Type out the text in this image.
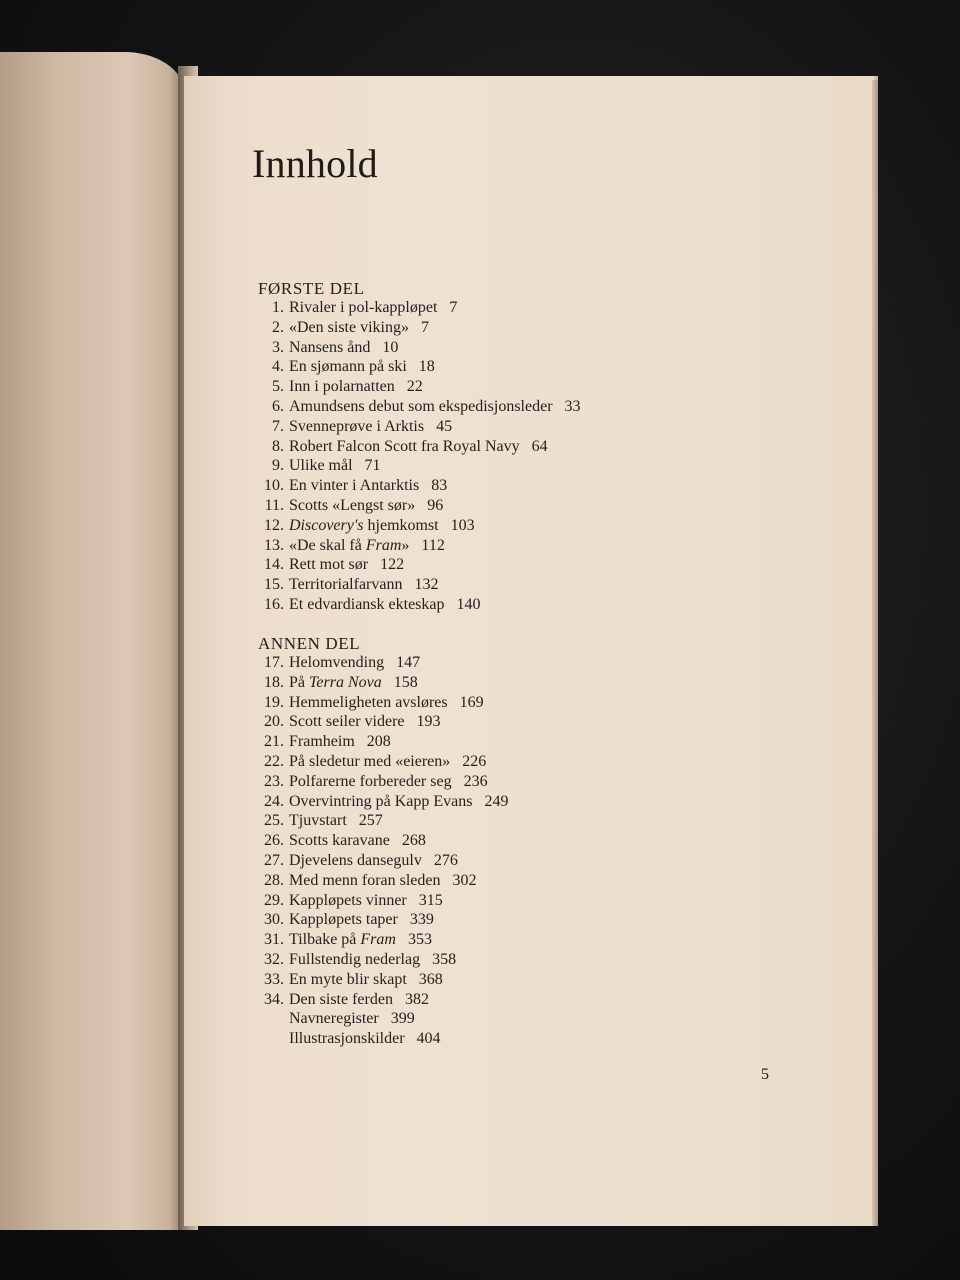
Innhold
FØRSTE DEL
1. Rivaler i pol-kappløpet 7
2. «Den siste viking» 7
3. Nansens ånd 10
4. En sjømann på ski 18
5. Inn i polarnatten 22
6. Amundsens debut som ekspedisjonsleder 33
7. Svenneprøve i Arktis 45
8. Robert Falcon Scott fra Royal Navy 64
9. Ulike mål 71
10. En vinter i Antarktis 83
11. Scotts «Lengst sør» 96
12. Discovery's hjemkomst 103
13. «De skal få Fram» 112
14. Rett mot sør 122
15. Territorialfarvann 132
16. Et edvardiansk ekteskap 140
ANNEN DEL
17. Helomvending 147
18. På Terra Nova 158
19. Hemmeligheten avsløres 169
20. Scott seiler videre 193
21. Framheim 208
22. På sledetur med «eieren» 226
23. Polfarerne forbereder seg 236
24. Overvintring på Kapp Evans 249
25. Tjuvstart 257
26. Scotts karavane 268
27. Djevelens dansegulv 276
28. Med menn foran sleden 302
29. Kappløpets vinner 315
30. Kappløpets taper 339
31. Tilbake på Fram 353
32. Fullstendig nederlag 358
33. En myte blir skapt 368
34. Den siste ferden 382
Navneregister 399
Illustrasjonskilder 404
5
